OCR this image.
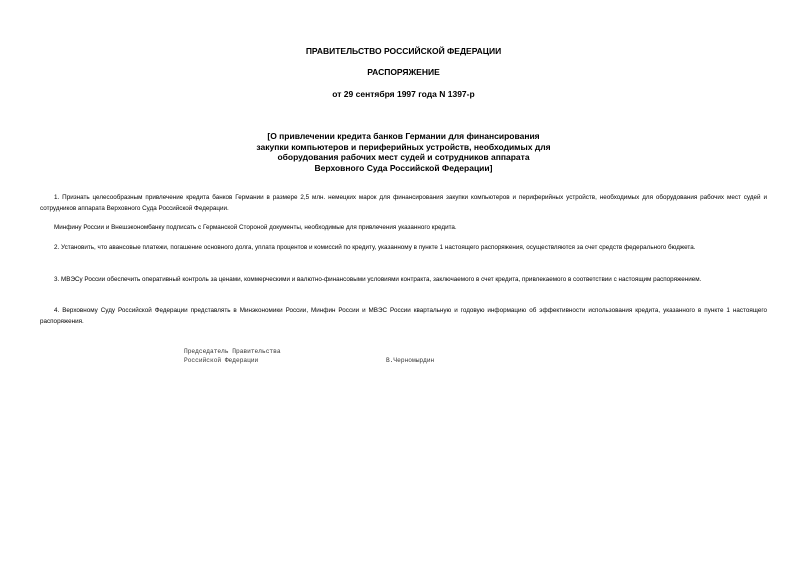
ПРАВИТЕЛЬСТВО РОССИЙСКОЙ ФЕДЕРАЦИИ
РАСПОРЯЖЕНИЕ
от 29 сентября 1997 года N 1397-р
[О привлечении кредита банков Германии для финансирования
закупки компьютеров и периферийных устройств, необходимых для
оборудования рабочих мест судей и сотрудников аппарата
Верховного Суда Российской Федерации]
1. Признать целесообразным привлечение кредита банков Германии в размере 2,5 млн. немецких марок для финансирования закупки компьютеров и периферийных устройств, необходимых для оборудования рабочих мест судей и сотрудников аппарата Верховного Суда Российской Федерации.
Минфину России и Внешэкономбанку подписать с Германской Стороной документы, необходимые для привлечения указанного кредита.
2. Установить, что авансовые платежи, погашение основного долга, уплата процентов и комиссий по кредиту, указанному в пункте 1 настоящего распоряжения, осуществляются за счет средств федерального бюджета.
3. МВЭСу России обеспечить оперативный контроль за ценами, коммерческими и валютно-финансовыми условиями контракта, заключаемого в счет кредита, привлекаемого в соответствии с настоящим распоряжением.
4. Верховному Суду Российской Федерации представлять в Минэкономики России, Минфин России и МВЭС России квартальную и годовую информацию об эффективности использования кредита, указанного в пункте 1 настоящего распоряжения.
Председатель Правительства
Российской Федерации	В.Черномырдин
